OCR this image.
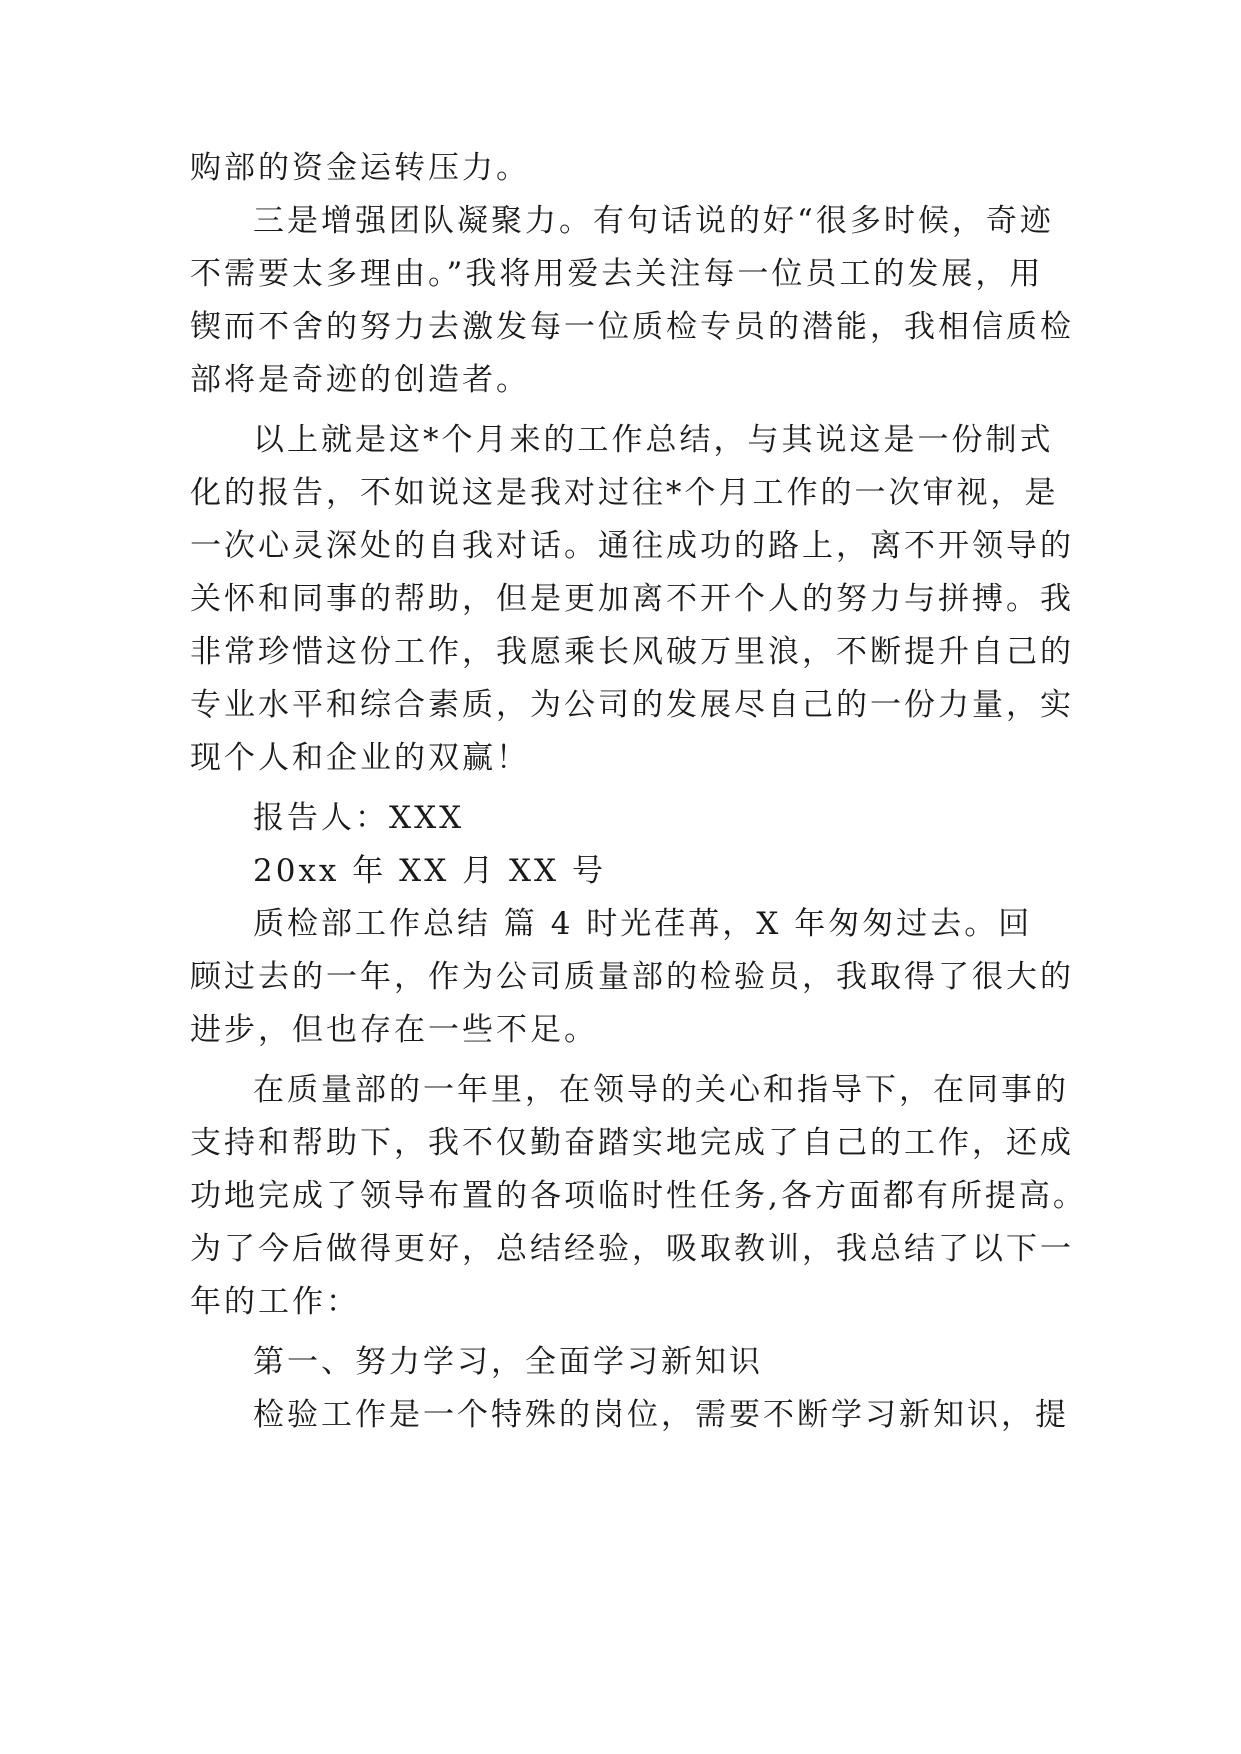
购部的资金运转压力。
三是增强团队凝聚力。有句话说的好“很多时候，奇迹
不需要太多理由。”我将用爱去关注每一位员工的发展，用
锲而不舍的努力去激发每一位质检专员的潜能，我相信质检
部将是奇迹的创造者。
以上就是这*个月来的工作总结，与其说这是一份制式
化的报告，不如说这是我对过往*个月工作的一次审视，是
一次心灵深处的自我对话。通往成功的路上，离不开领导的
关怀和同事的帮助，但是更加离不开个人的努力与拼搏。我
非常珍惜这份工作，我愿乘长风破万里浪，不断提升自己的
专业水平和综合素质，为公司的发展尽自己的一份力量，实
现个人和企业的双赢！
报告人：XXX
20xx 年 XX 月 XX 号
质检部工作总结 篇 4 时光荏苒，X 年匆匆过去。回
顾过去的一年，作为公司质量部的检验员，我取得了很大的
进步，但也存在一些不足。
在质量部的一年里，在领导的关心和指导下，在同事的
支持和帮助下，我不仅勤奋踏实地完成了自己的工作，还成
功地完成了领导布置的各项临时性任务,各方面都有所提高。
为了今后做得更好，总结经验，吸取教训，我总结了以下一
年的工作：
第一、努力学习，全面学习新知识
检验工作是一个特殊的岗位，需要不断学习新知识，提
